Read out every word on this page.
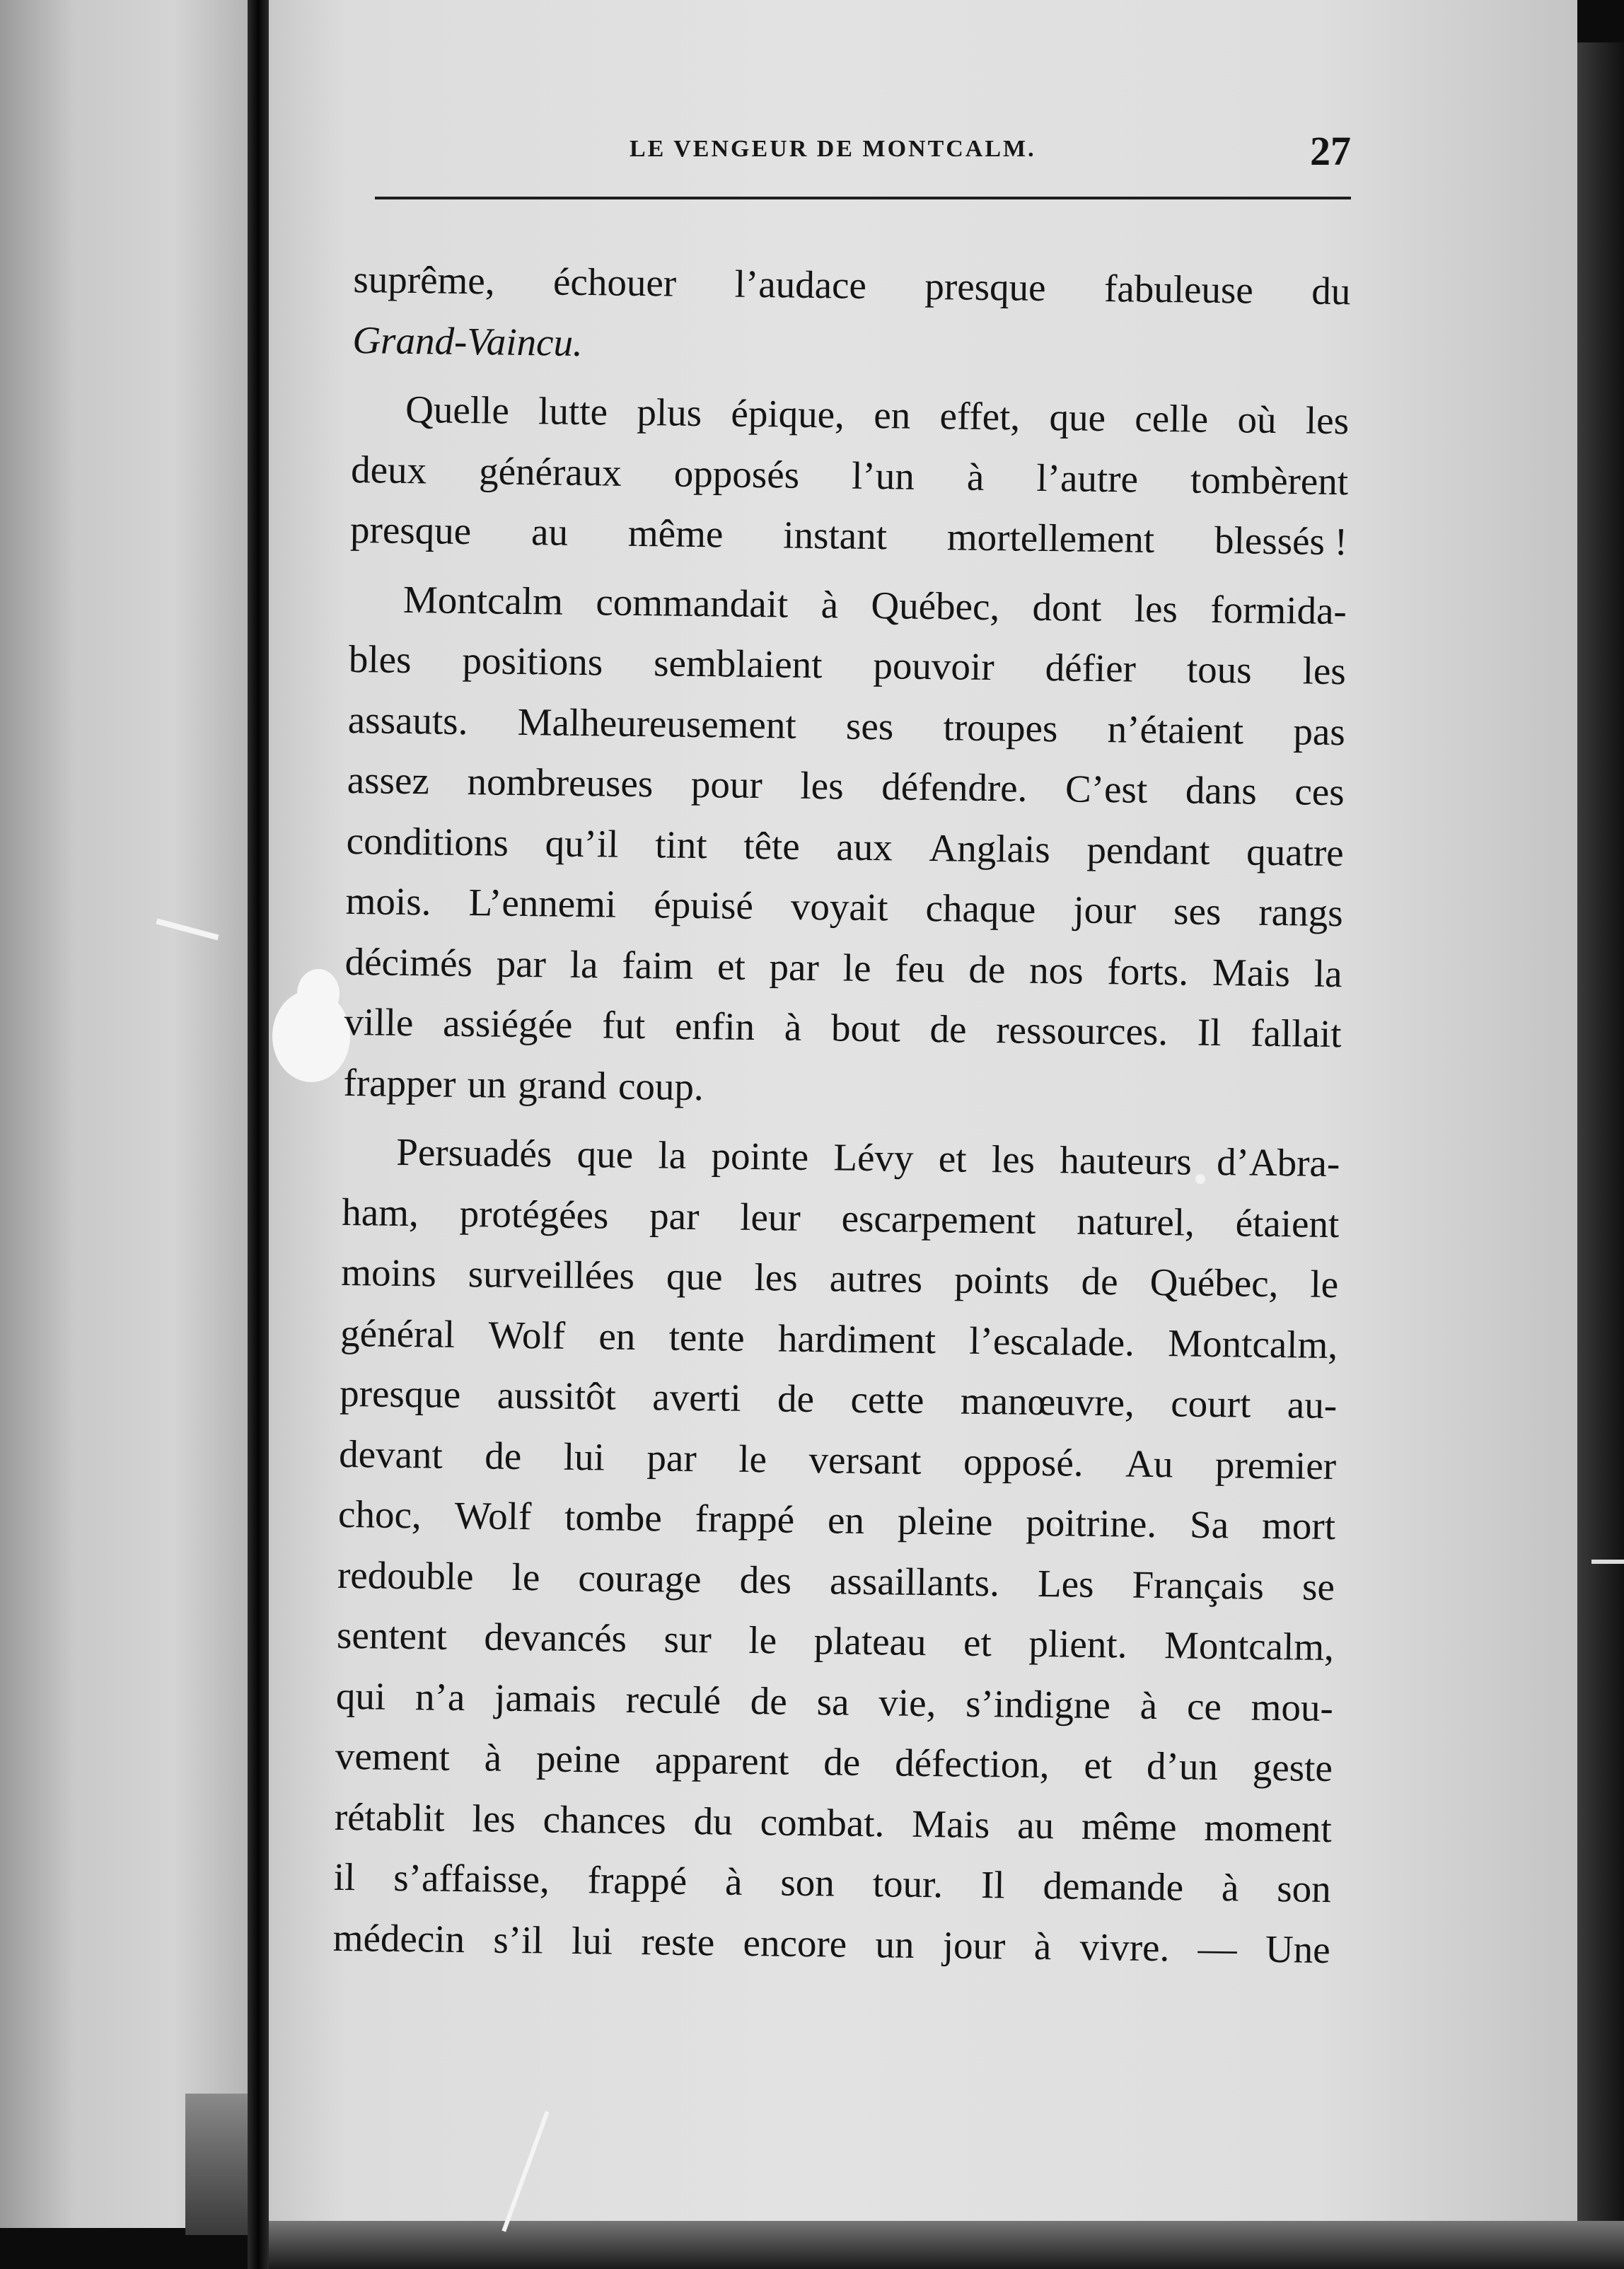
LE VENGEUR DE MONTCALM.	27
suprême, échouer l’audace presque fabuleuse du
Grand-Vaincu.
Quelle lutte plus épique, en effet, que celle où les
deux généraux opposés l’un à l’autre tombèrent
presque au même instant mortellement blessés !
Montcalm commandait à Québec, dont les formida-
bles positions semblaient pouvoir défier tous les
assauts. Malheureusement ses troupes n’étaient pas
assez nombreuses pour les défendre. C’est dans ces
conditions qu’il tint tête aux Anglais pendant quatre
mois. L’ennemi épuisé voyait chaque jour ses rangs
décimés par la faim et par le feu de nos forts. Mais la
ville assiégée fut enfin à bout de ressources. Il fallait
frapper un grand coup.
Persuadés que la pointe Lévy et les hauteurs d’Abra-
ham, protégées par leur escarpement naturel, étaient
moins surveillées que les autres points de Québec, le
général Wolf en tente hardiment l’escalade. Montcalm,
presque aussitôt averti de cette manœuvre, court au-
devant de lui par le versant opposé. Au premier
choc, Wolf tombe frappé en pleine poitrine. Sa mort
redouble le courage des assaillants. Les Français se
sentent devancés sur le plateau et plient. Montcalm,
qui n’a jamais reculé de sa vie, s’indigne à ce mou-
vement à peine apparent de défection, et d’un geste
rétablit les chances du combat. Mais au même moment
il s’affaisse, frappé à son tour. Il demande à son
médecin s’il lui reste encore un jour à vivre. — Une
